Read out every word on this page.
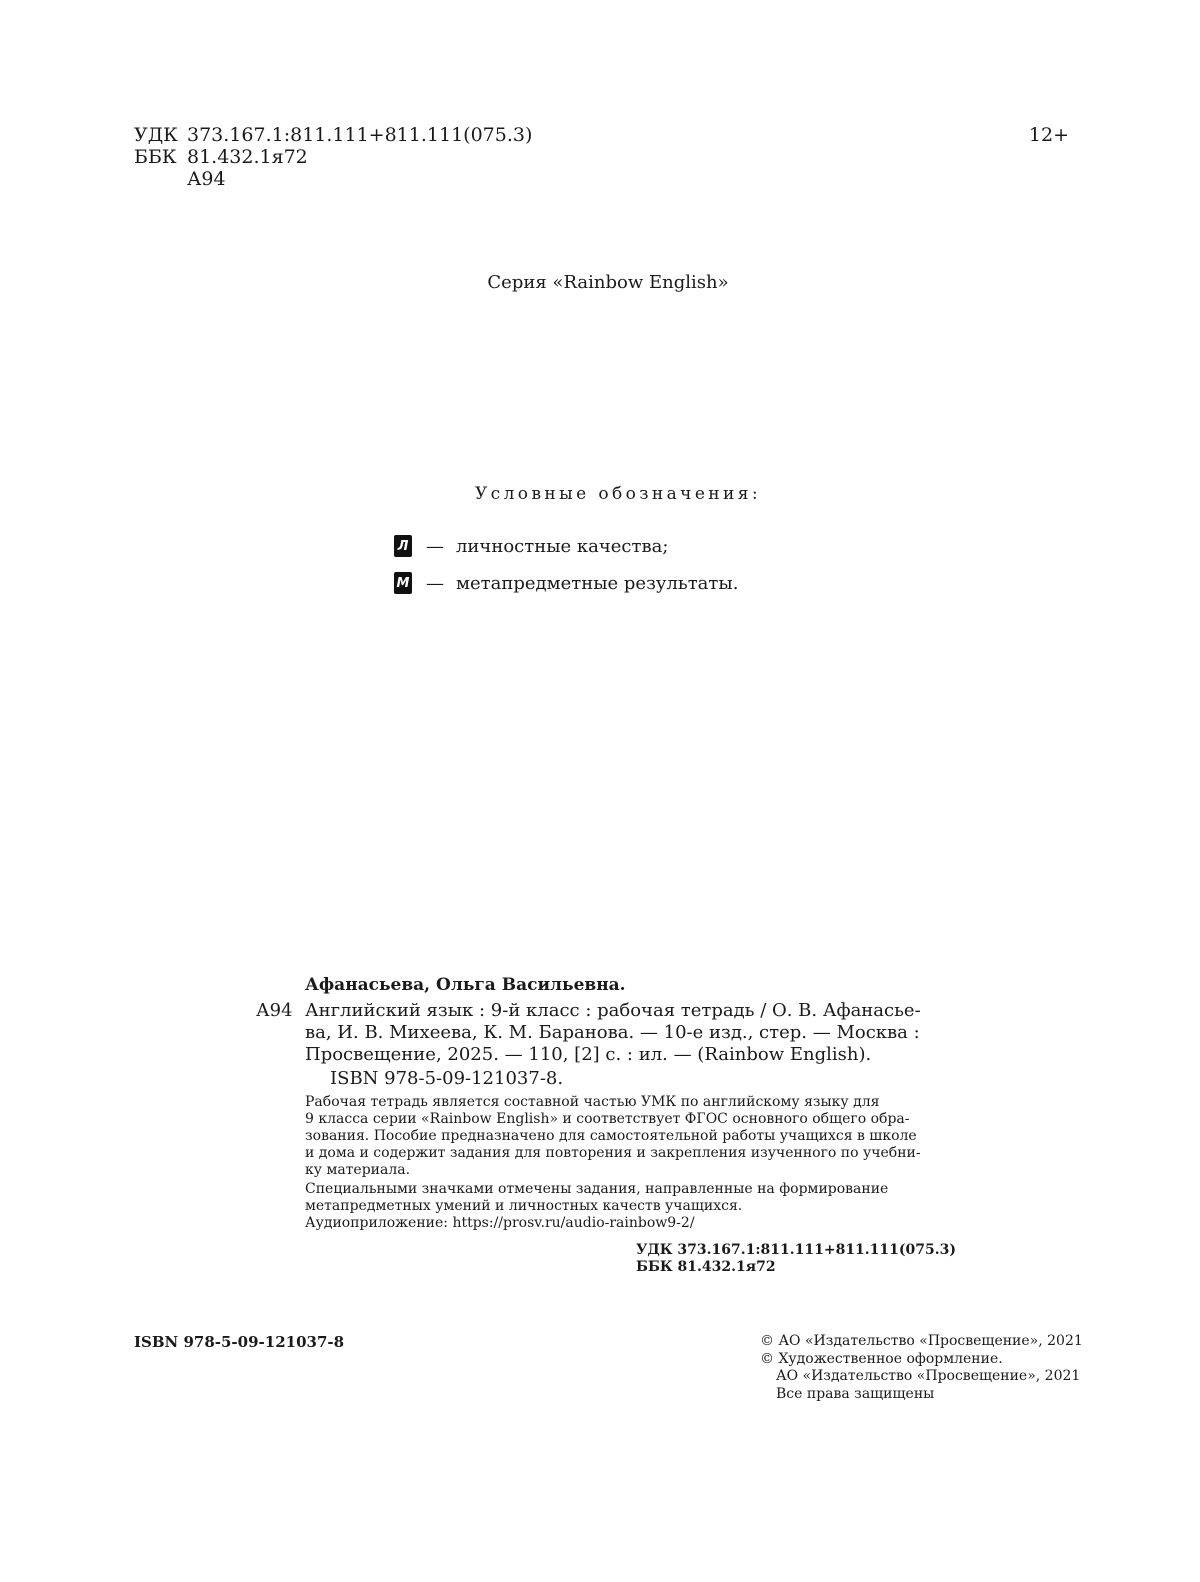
УДК 373.167.1:811.111+811.111(075.3)
ББК 81.432.1я72
А94
12+
Серия «Rainbow English»
Условные обозначения:
Л — личностные качества;
М — метапредметные результаты.
Афанасьева, Ольга Васильевна.
А94 Английский язык : 9-й класс : рабочая тетрадь / О. В. Афанасье-
ва, И. В. Михеева, К. М. Баранова. — 10-е изд., стер. — Москва :
Просвещение, 2025. — 110, [2] с. : ил. — (Rainbow English).
ISBN 978-5-09-121037-8.
Рабочая тетрадь является составной частью УМК по английскому языку для
9 класса серии «Rainbow English» и соответствует ФГОС основного общего обра-
зования. Пособие предназначено для самостоятельной работы учащихся в школе
и дома и содержит задания для повторения и закрепления изученного по учебни-
ку материала.
Специальными значками отмечены задания, направленные на формирование
метапредметных умений и личностных качеств учащихся.
Аудиоприложение: https://prosv.ru/audio-rainbow9-2/
УДК 373.167.1:811.111+811.111(075.3)
ББК 81.432.1я72
ISBN 978-5-09-121037-8	© АО «Издательство «Просвещение», 2021
© Художественное оформление.
АО «Издательство «Просвещение», 2021
Все права защищены
